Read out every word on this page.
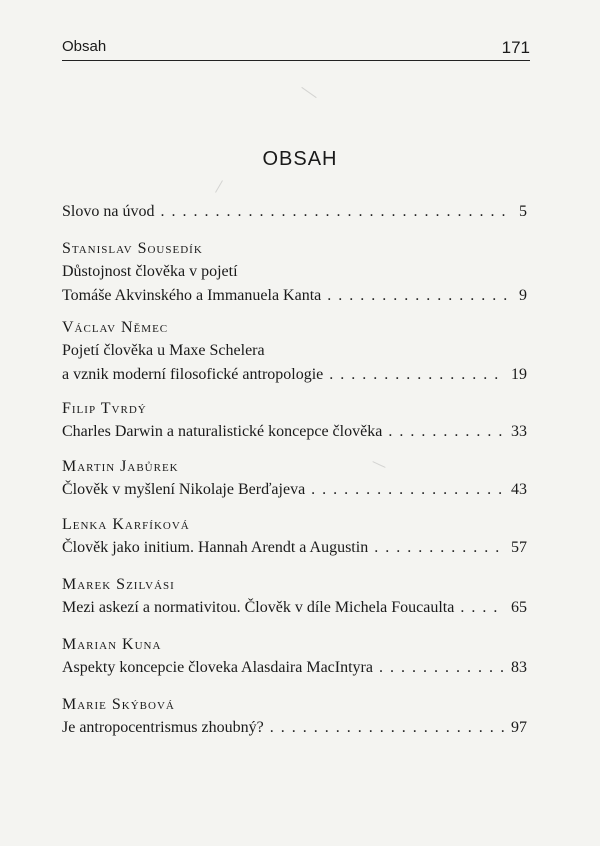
Obsah	171
OBSAH
Slovo na úvod . . .	5
Stanislav Sousedík
Důstojnost člověka v pojetí
Tomáše Akvinského a Immanuela Kanta . . .	9
Václav Němec
Pojetí člověka u Maxe Schelera
a vznik moderní filosofické antropologie . . .	19
Filip Tvrdý
Charles Darwin a naturalistické koncepce člověka . . .	33
Martin Jabůrek
Člověk v myšlení Nikolaje Berďajeva . . .	43
Lenka Karfíková
Člověk jako initium. Hannah Arendt a Augustin . . .	57
Marek Szilvási
Mezi askezí a normativitou. Člověk v díle Michela Foucaulta . . .	65
Marian Kuna
Aspekty koncepcie človeka Alasdaira MacIntyra . . .	83
Marie Skýbová
Je antropocentrismus zhoubný? . . .	97
